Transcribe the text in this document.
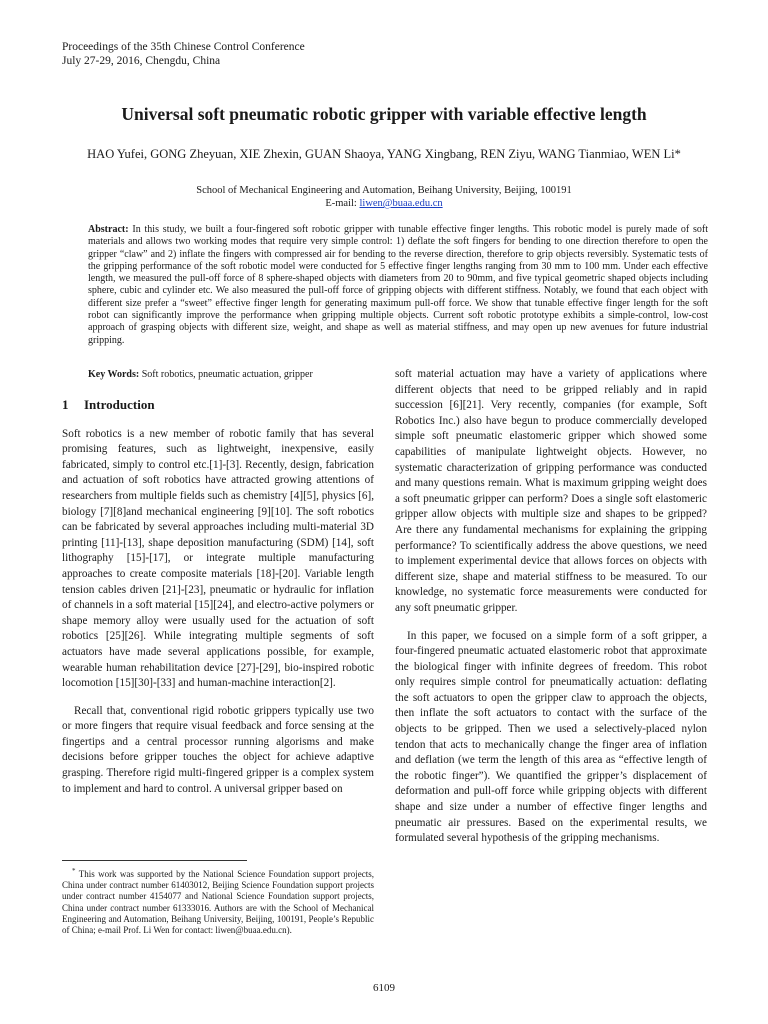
Proceedings of the 35th Chinese Control Conference
July 27-29, 2016, Chengdu, China
Universal soft pneumatic robotic gripper with variable effective length
HAO Yufei, GONG Zheyuan, XIE Zhexin, GUAN Shaoya, YANG Xingbang, REN Ziyu, WANG Tianmiao, WEN Li*
School of Mechanical Engineering and Automation, Beihang University, Beijing, 100191
E-mail: liwen@buaa.edu.cn
Abstract: In this study, we built a four-fingered soft robotic gripper with tunable effective finger lengths. This robotic model is purely made of soft materials and allows two working modes that require very simple control: 1) deflate the soft fingers for bending to one direction therefore to open the gripper “claw” and 2) inflate the fingers with compressed air for bending to the reverse direction, therefore to grip objects reversibly. Systematic tests of the gripping performance of the soft robotic model were conducted for 5 effective finger lengths ranging from 30 mm to 100 mm. Under each effective length, we measured the pull-off force of 8 sphere-shaped objects with diameters from 20 to 90mm, and five typical geometric shaped objects including sphere, cubic and cylinder etc. We also measured the pull-off force of gripping objects with different stiffness. Notably, we found that each object with different size prefer a “sweet” effective finger length for generating maximum pull-off force. We show that tunable effective finger length for the soft robot can significantly improve the performance when gripping multiple objects. Current soft robotic prototype exhibits a simple-control, low-cost approach of grasping objects with different size, weight, and shape as well as material stiffness, and may open up new avenues for future industrial gripping.
Key Words: Soft robotics, pneumatic actuation, gripper
1 Introduction

Soft robotics is a new member of robotic family that has several promising features, such as lightweight, inexpensive, easily fabricated, simply to control etc.[1]-[3]. Recently, design, fabrication and actuation of soft robotics have attracted growing attentions of researchers from multiple fields such as chemistry [4][5], physics [6], biology [7][8]and mechanical engineering [9][10]. The soft robotics can be fabricated by several approaches including multi-material 3D printing [11]-[13], shape deposition manufacturing (SDM) [14], soft lithography [15]-[17], or integrate multiple manufacturing approaches to create composite materials [18]-[20]. Variable length tension cables driven [21]-[23], pneumatic or hydraulic for inflation of channels in a soft material [15][24], and electro-active polymers or shape memory alloy were usually used for the actuation of soft robotics [25][26]. While integrating multiple segments of soft actuators have made several applications possible, for example, wearable human rehabilitation device [27]-[29], bio-inspired robotic locomotion [15][30]-[33] and human-machine interaction[2].

Recall that, conventional rigid robotic grippers typically use two or more fingers that require visual feedback and force sensing at the fingertips and a central processor running algorisms and make decisions before gripper touches the object for achieve adaptive grasping. Therefore rigid multi-fingered gripper is a complex system to implement and hard to control. A universal gripper based on

soft material actuation may have a variety of applications where different objects that need to be gripped reliably and in rapid succession [6][21]. Very recently, companies (for example, Soft Robotics Inc.) also have begun to produce commercially developed simple soft pneumatic elastomeric gripper which showed some capabilities of manipulate lightweight objects. However, no systematic characterization of gripping performance was conducted and many questions remain. What is maximum gripping weight does a soft pneumatic gripper can perform? Does a single soft elastomeric gripper allow objects with multiple size and shapes to be gripped? Are there any fundamental mechanisms for explaining the gripping performance? To scientifically address the above questions, we need to implement experimental device that allows forces on objects with different size, shape and material stiffness to be measured. To our knowledge, no systematic force measurements were conducted for any soft pneumatic gripper.

In this paper, we focused on a simple form of a soft gripper, a four-fingered pneumatic actuated elastomeric robot that approximate the biological finger with infinite degrees of freedom. This robot only requires simple control for pneumatically actuation: deflating the soft actuators to open the gripper claw to approach the objects, then inflate the soft actuators to contact with the surface of the objects to be gripped. Then we used a selectively-placed nylon tendon that acts to mechanically change the finger area of inflation and deflation (we term the length of this area as “effective length of the robotic finger”). We quantified the gripper’s displacement of deformation and pull-off force while gripping objects with different shape and size under a number of effective finger lengths and pneumatic air pressures. Based on the experimental results, we formulated several hypothesis of the gripping mechanisms.

* This work was supported by the National Science Foundation support projects, China under contract number 61403012, Beijing Science Foundation support projects under contract number 4154077 and National Science Foundation support projects, China under contract number 61333016. Authors are with the School of Mechanical Engineering and Automation, Beihang University, Beijing, 100191, People’s Republic of China; e-mail Prof. Li Wen for contact: liwen@buaa.edu.cn).
6109
